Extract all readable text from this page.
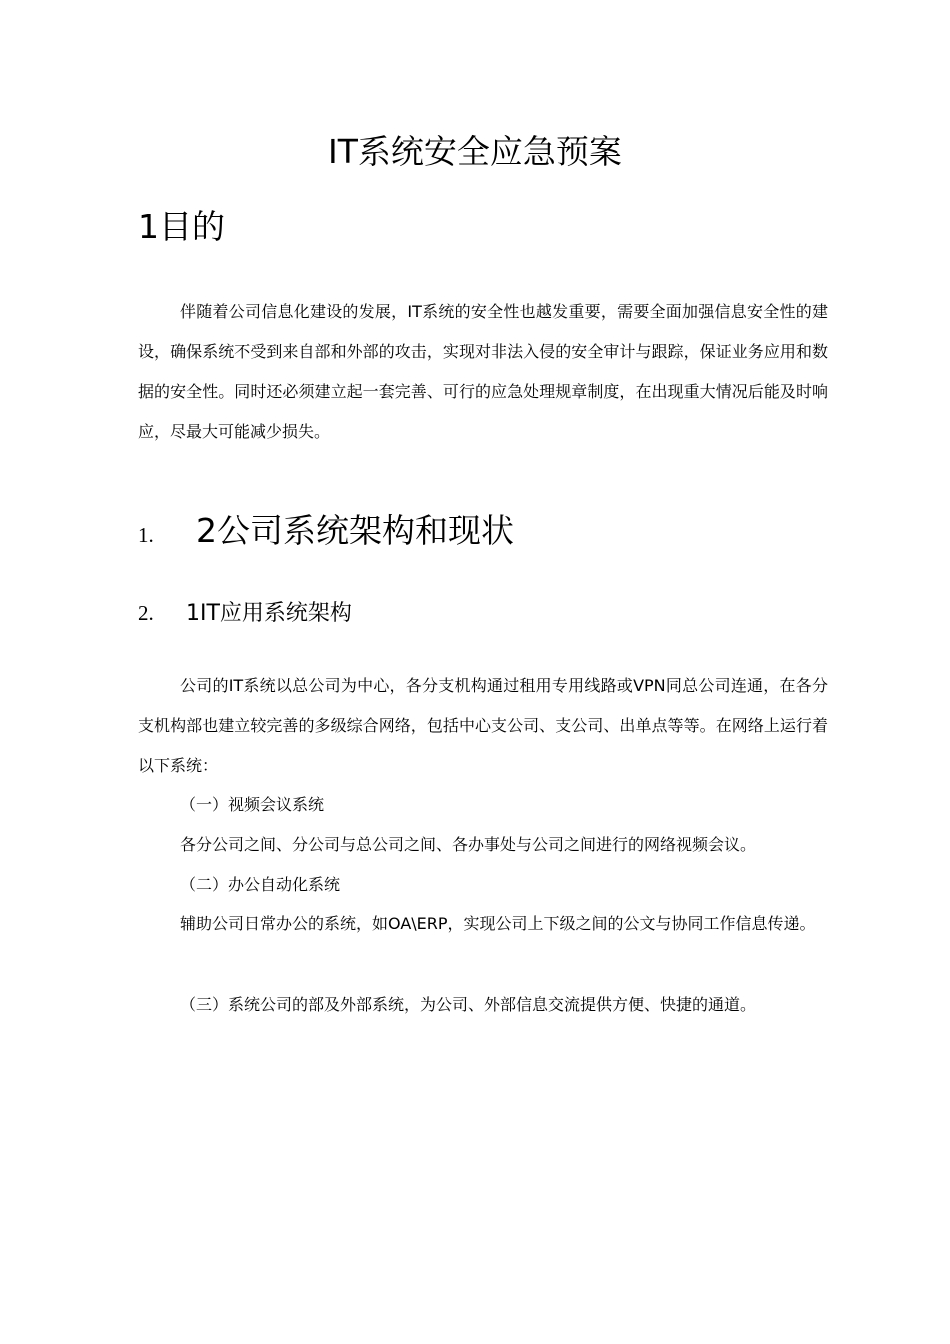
IT系统安全应急预案
1目的

伴随着公司信息化建设的发展，IT系统的安全性也越发重要，需要全面加强信息安全性的建设，确保系统不受到来自部和外部的攻击，实现对非法入侵的安全审计与跟踪，保证业务应用和数据的安全性。同时还必须建立起一套完善、可行的应急处理规章制度，在出现重大情况后能及时响应，尽最大可能减少损失。

1. 2公司系统架构和现状
2. 1IT应用系统架构

公司的IT系统以总公司为中心，各分支机构通过租用专用线路或VPN同总公司连通，在各分支机构部也建立较完善的多级综合网络，包括中心支公司、支公司、出单点等等。在网络上运行着以下系统：

（一）视频会议系统
各分公司之间、分公司与总公司之间、各办事处与公司之间进行的网络视频会议。
（二）办公自动化系统

辅助公司日常办公的系统，如OA\ERP，实现公司上下级之间的公文与协同工作信息传递。

（三）系统公司的部及外部系统，为公司、外部信息交流提供方便、快捷的通道。
